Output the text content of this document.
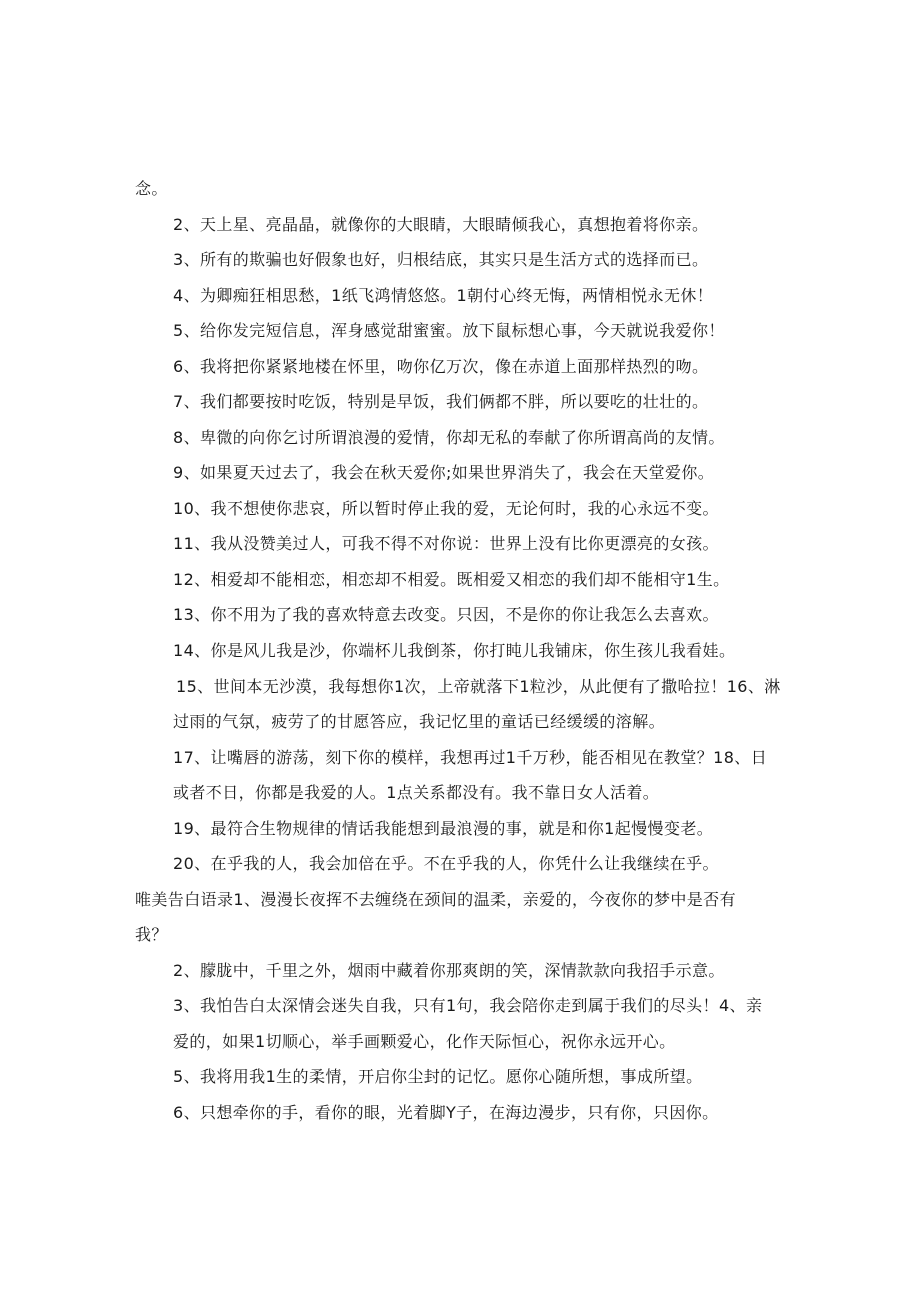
念。
2、天上星、亮晶晶，就像你的大眼睛，大眼睛倾我心，真想抱着将你亲。
3、所有的欺骗也好假象也好，归根结底，其实只是生活方式的选择而已。
4、为卿痴狂相思愁，1纸飞鸿情悠悠。1朝付心终无悔，两情相悦永无休！
5、给你发完短信息，浑身感觉甜蜜蜜。放下鼠标想心事，今天就说我爱你！
6、我将把你紧紧地楼在怀里，吻你亿万次，像在赤道上面那样热烈的吻。
7、我们都要按时吃饭，特别是早饭，我们俩都不胖，所以要吃的壮壮的。
8、卑微的向你乞讨所谓浪漫的爱情，你却无私的奉献了你所谓高尚的友情。
9、如果夏天过去了，我会在秋天爱你;如果世界消失了，我会在天堂爱你。
10、我不想使你悲哀，所以暂时停止我的爱，无论何时，我的心永远不变。
11、我从没赞美过人，可我不得不对你说：世界上没有比你更漂亮的女孩。
12、相爱却不能相恋，相恋却不相爱。既相爱又相恋的我们却不能相守1生。
13、你不用为了我的喜欢特意去改变。只因，不是你的你让我怎么去喜欢。
14、你是风儿我是沙，你端杯儿我倒茶，你打盹儿我铺床，你生孩儿我看娃。
15、世间本无沙漠，我每想你1次，上帝就落下1粒沙，从此便有了撒哈拉！16、淋
过雨的气氛，疲劳了的甘愿答应，我记忆里的童话已经缓缓的溶解。
17、让嘴唇的游荡，刻下你的模样，我想再过1千万秒，能否相见在教堂？18、日
或者不日，你都是我爱的人。1点关系都没有。我不靠日女人活着。
19、最符合生物规律的情话我能想到最浪漫的事，就是和你1起慢慢变老。
20、在乎我的人，我会加倍在乎。不在乎我的人，你凭什么让我继续在乎。
唯美告白语录1、漫漫长夜挥不去缠绕在颈间的温柔，亲爱的，今夜你的梦中是否有
我？
2、朦胧中，千里之外，烟雨中藏着你那爽朗的笑，深情款款向我招手示意。
3、我怕告白太深情会迷失自我，只有1句，我会陪你走到属于我们的尽头！4、亲
爱的，如果1切顺心，举手画颗爱心，化作天际恒心，祝你永远开心。
5、我将用我1生的柔情，开启你尘封的记忆。愿你心随所想，事成所望。
6、只想牵你的手，看你的眼，光着脚Y子，在海边漫步，只有你，只因你。
